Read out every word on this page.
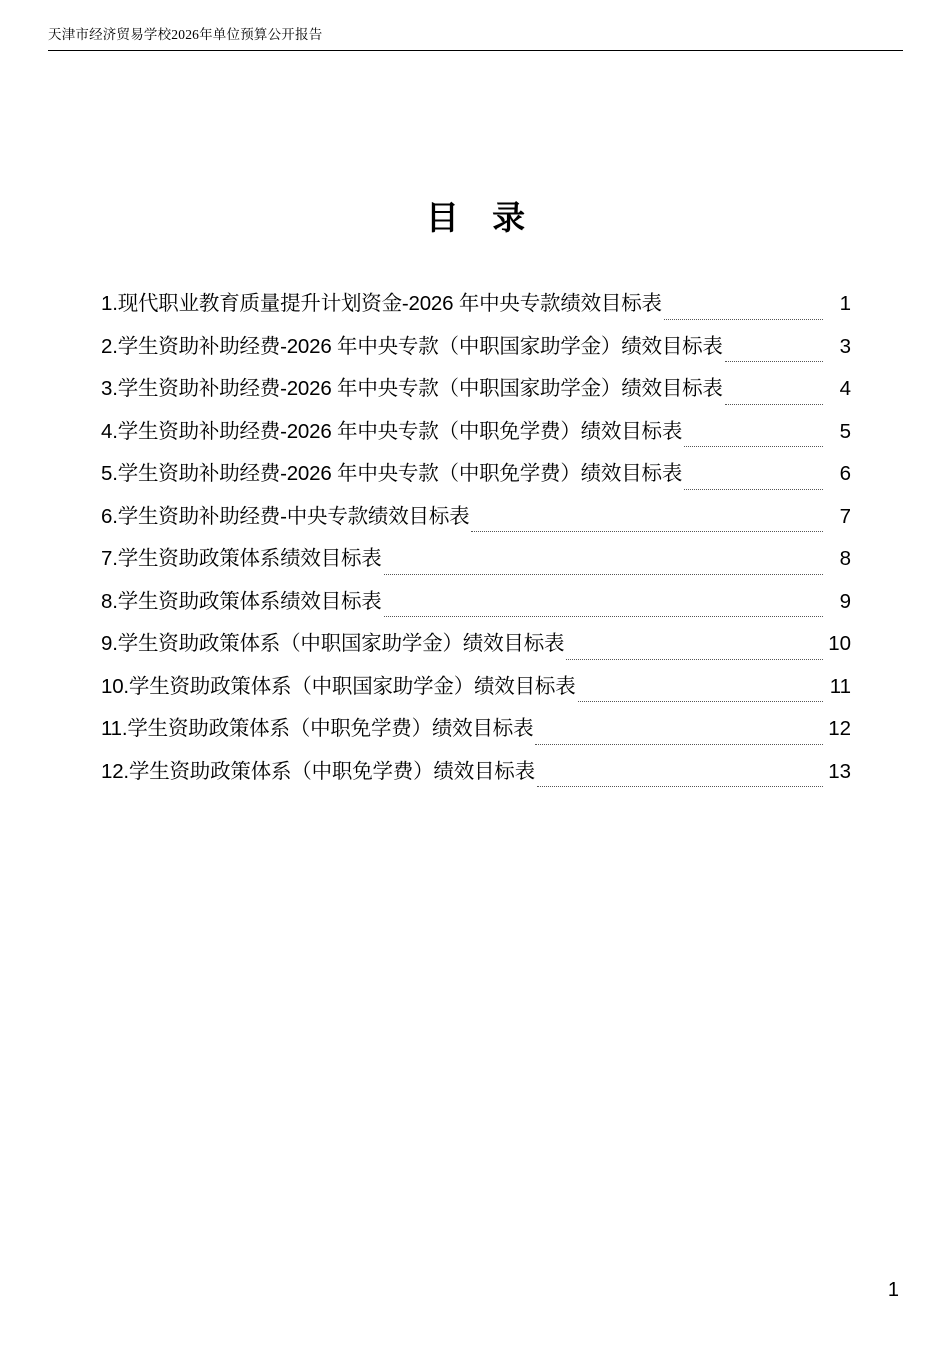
天津市经济贸易学校2026年单位预算公开报告
目 录
1.现代职业教育质量提升计划资金-2026 年中央专款绩效目标表	1
2.学生资助补助经费-2026 年中央专款（中职国家助学金）绩效目标表	3
3.学生资助补助经费-2026 年中央专款（中职国家助学金）绩效目标表	4
4.学生资助补助经费-2026 年中央专款（中职免学费）绩效目标表	5
5.学生资助补助经费-2026 年中央专款（中职免学费）绩效目标表	6
6.学生资助补助经费-中央专款绩效目标表	7
7.学生资助政策体系绩效目标表	8
8.学生资助政策体系绩效目标表	9
9.学生资助政策体系（中职国家助学金）绩效目标表	10
10.学生资助政策体系（中职国家助学金）绩效目标表	11
11.学生资助政策体系（中职免学费）绩效目标表	12
12.学生资助政策体系（中职免学费）绩效目标表	13
1
